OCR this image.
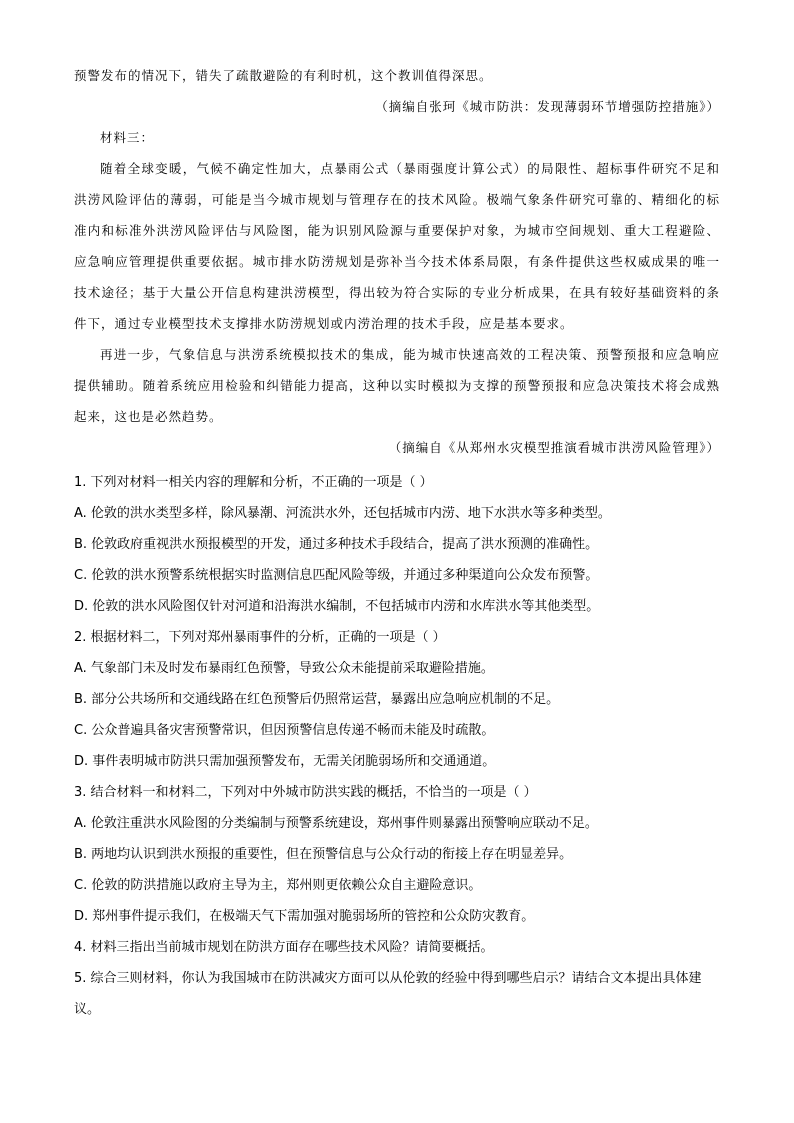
预警发布的情况下，错失了疏散避险的有利时机，这个教训值得深思。

（摘编自张珂《城市防洪：发现薄弱环节增强防控措施》）

材料三：

随着全球变暖，气候不确定性加大，点暴雨公式（暴雨强度计算公式）的局限性、超标事件研究不足和洪涝风险评估的薄弱，可能是当今城市规划与管理存在的技术风险。极端气象条件研究可靠的、精细化的标准内和标准外洪涝风险评估与风险图，能为识别风险源与重要保护对象，为城市空间规划、重大工程避险、应急响应管理提供重要依据。城市排水防涝规划是弥补当今技术体系局限，有条件提供这些权威成果的唯一技术途径；基于大量公开信息构建洪涝模型，得出较为符合实际的专业分析成果，在具有较好基础资料的条件下，通过专业模型技术支撑排水防涝规划或内涝治理的技术手段，应是基本要求。

再进一步，气象信息与洪涝系统模拟技术的集成，能为城市快速高效的工程决策、预警预报和应急响应提供辅助。随着系统应用检验和纠错能力提高，这种以实时模拟为支撑的预警预报和应急决策技术将会成熟起来，这也是必然趋势。

（摘编自《从郑州水灾模型推演看城市洪涝风险管理》）

1. 下列对材料一相关内容的理解和分析，不正确的一项是（ ）

A. 伦敦的洪水类型多样，除风暴潮、河流洪水外，还包括城市内涝、地下水洪水等多种类型。

B. 伦敦政府重视洪水预报模型的开发，通过多种技术手段结合，提高了洪水预测的准确性。

C. 伦敦的洪水预警系统根据实时监测信息匹配风险等级，并通过多种渠道向公众发布预警。

D. 伦敦的洪水风险图仅针对河道和沿海洪水编制，不包括城市内涝和水库洪水等其他类型。

2. 根据材料二，下列对郑州暴雨事件的分析，正确的一项是（ ）

A. 气象部门未及时发布暴雨红色预警，导致公众未能提前采取避险措施。

B. 部分公共场所和交通线路在红色预警后仍照常运营，暴露出应急响应机制的不足。

C. 公众普遍具备灾害预警常识，但因预警信息传递不畅而未能及时疏散。

D. 事件表明城市防洪只需加强预警发布，无需关闭脆弱场所和交通通道。

3. 结合材料一和材料二，下列对中外城市防洪实践的概括，不恰当的一项是（ ）

A. 伦敦注重洪水风险图的分类编制与预警系统建设，郑州事件则暴露出预警响应联动不足。

B. 两地均认识到洪水预报的重要性，但在预警信息与公众行动的衔接上存在明显差异。

C. 伦敦的防洪措施以政府主导为主，郑州则更依赖公众自主避险意识。

D. 郑州事件提示我们，在极端天气下需加强对脆弱场所的管控和公众防灾教育。

4. 材料三指出当前城市规划在防洪方面存在哪些技术风险？请简要概括。

5. 综合三则材料，你认为我国城市在防洪减灾方面可以从伦敦的经验中得到哪些启示？请结合文本提出具体建议。
